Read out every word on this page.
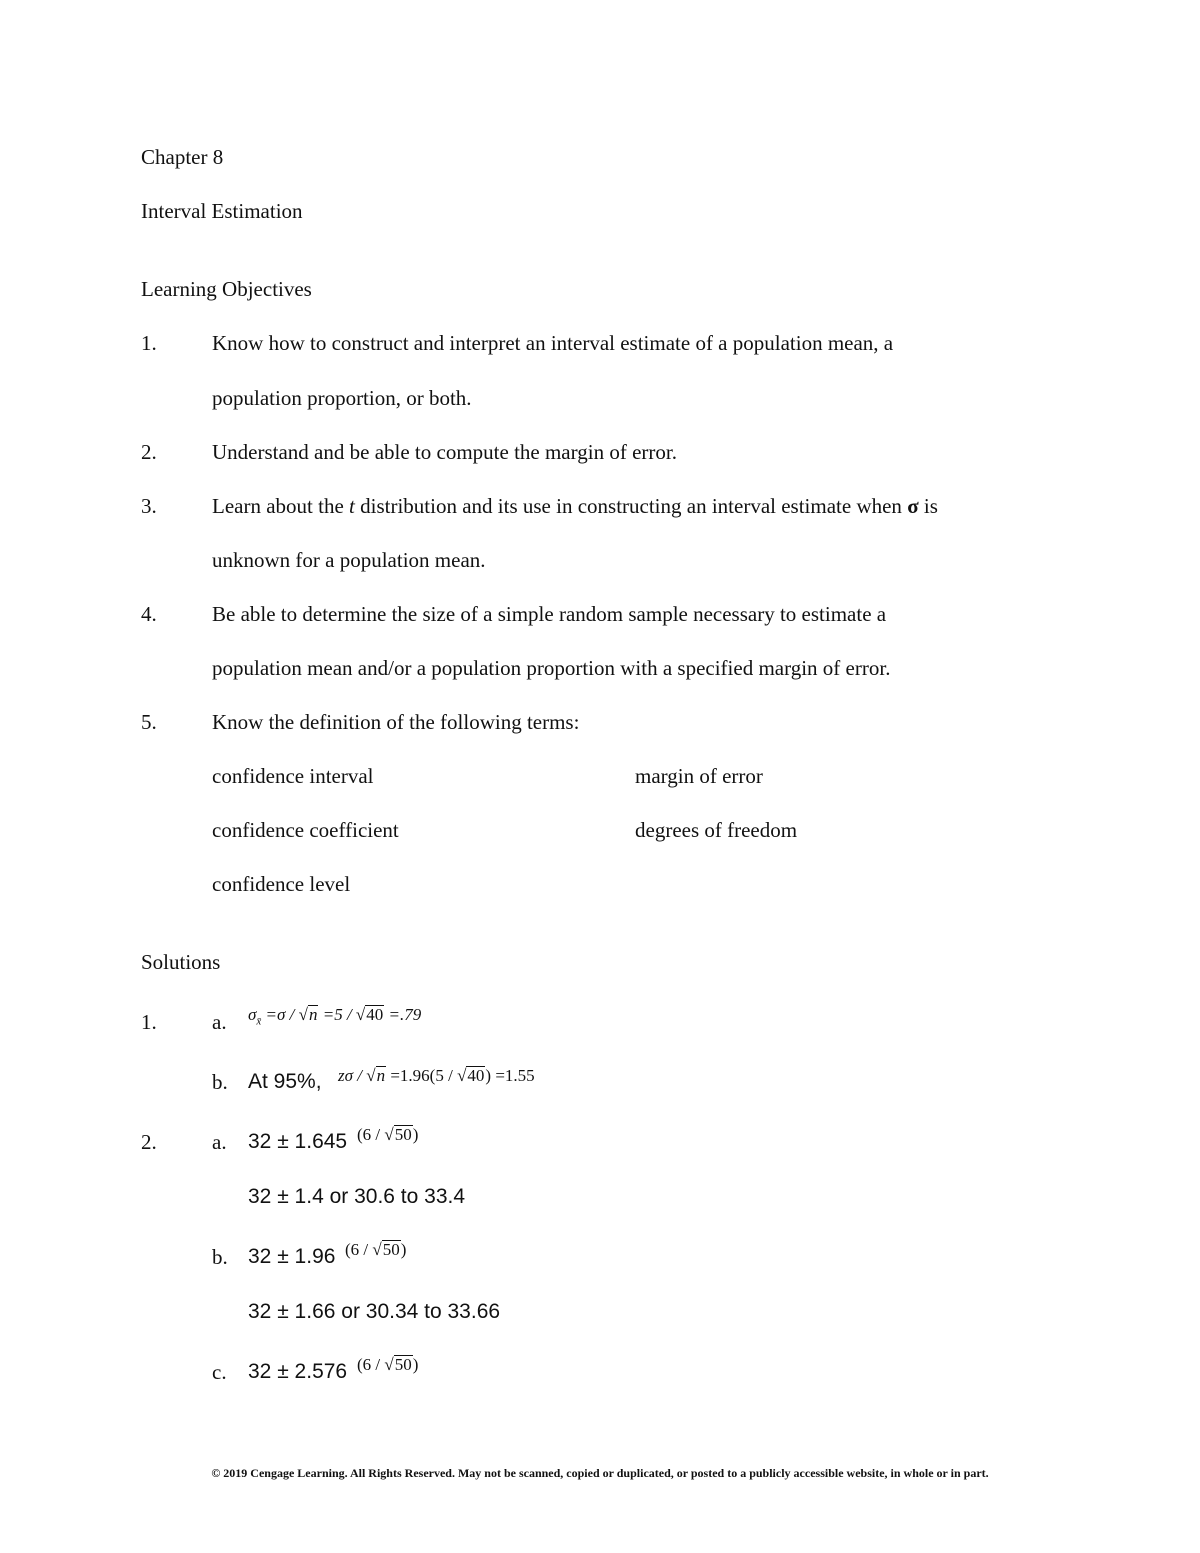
Chapter 8
Interval Estimation
Learning Objectives
1.	Know how to construct and interpret an interval estimate of a population mean, a
population proportion, or both.
2.	Understand and be able to compute the margin of error.
3.	Learn about the t distribution and its use in constructing an interval estimate when σ is
unknown for a population mean.
4.	Be able to determine the size of a simple random sample necessary to estimate a
population mean and/or a population proportion with a specified margin of error.
5.	Know the definition of the following terms:
confidence interval	margin of error
confidence coefficient	degrees of freedom
confidence level
Solutions
1.	a. $\sigma_{x̄} =\sigma / √n =5 / √40 =.79$
b. At 95%, zσ / √n =1.96(5 / √40) =1.55
2.	a. 32 ± 1.645 (6 / √50)
32 ± 1.4 or 30.6 to 33.4
b. 32 ± 1.96 (6 / √50)
32 ± 1.66 or 30.34 to 33.66
c. 32 ± 2.576 (6 / √50)
© 2019 Cengage Learning. All Rights Reserved. May not be scanned, copied or duplicated, or posted to a publicly accessible website, in whole or in part.
